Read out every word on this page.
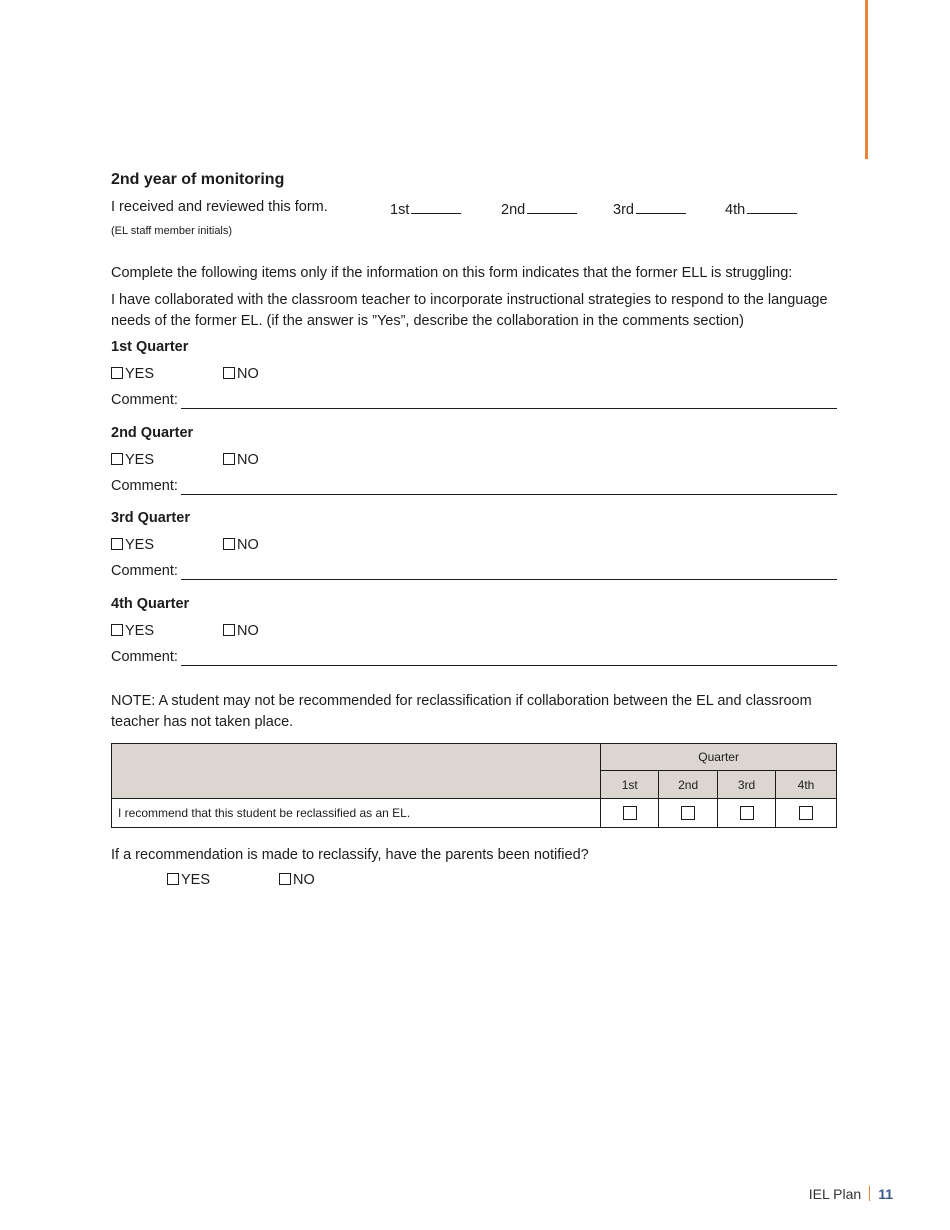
2nd year of monitoring
I received and reviewed this form.	1st	2nd	3rd	4th
(EL staff member initials)
Complete the following items only if the information on this form indicates that the former ELL is struggling:
I have collaborated with the classroom teacher to incorporate instructional strategies to respond to the language needs of the former EL. (if the answer is ”Yes”, describe the collaboration in the comments section)
1st Quarter
YES	NO
Comment:
2nd Quarter
YES	NO
Comment:
3rd Quarter
YES	NO
Comment:
4th Quarter
YES	NO
Comment:
NOTE: A student may not be recommended for reclassification if collaboration between the EL and classroom teacher has not taken place.
	Quarter			
	1st	2nd	3rd	4th
I recommend that this student be reclassified as an EL.				
If a recommendation is made to reclassify, have the parents been notified?
YES	NO
IEL Plan 11
